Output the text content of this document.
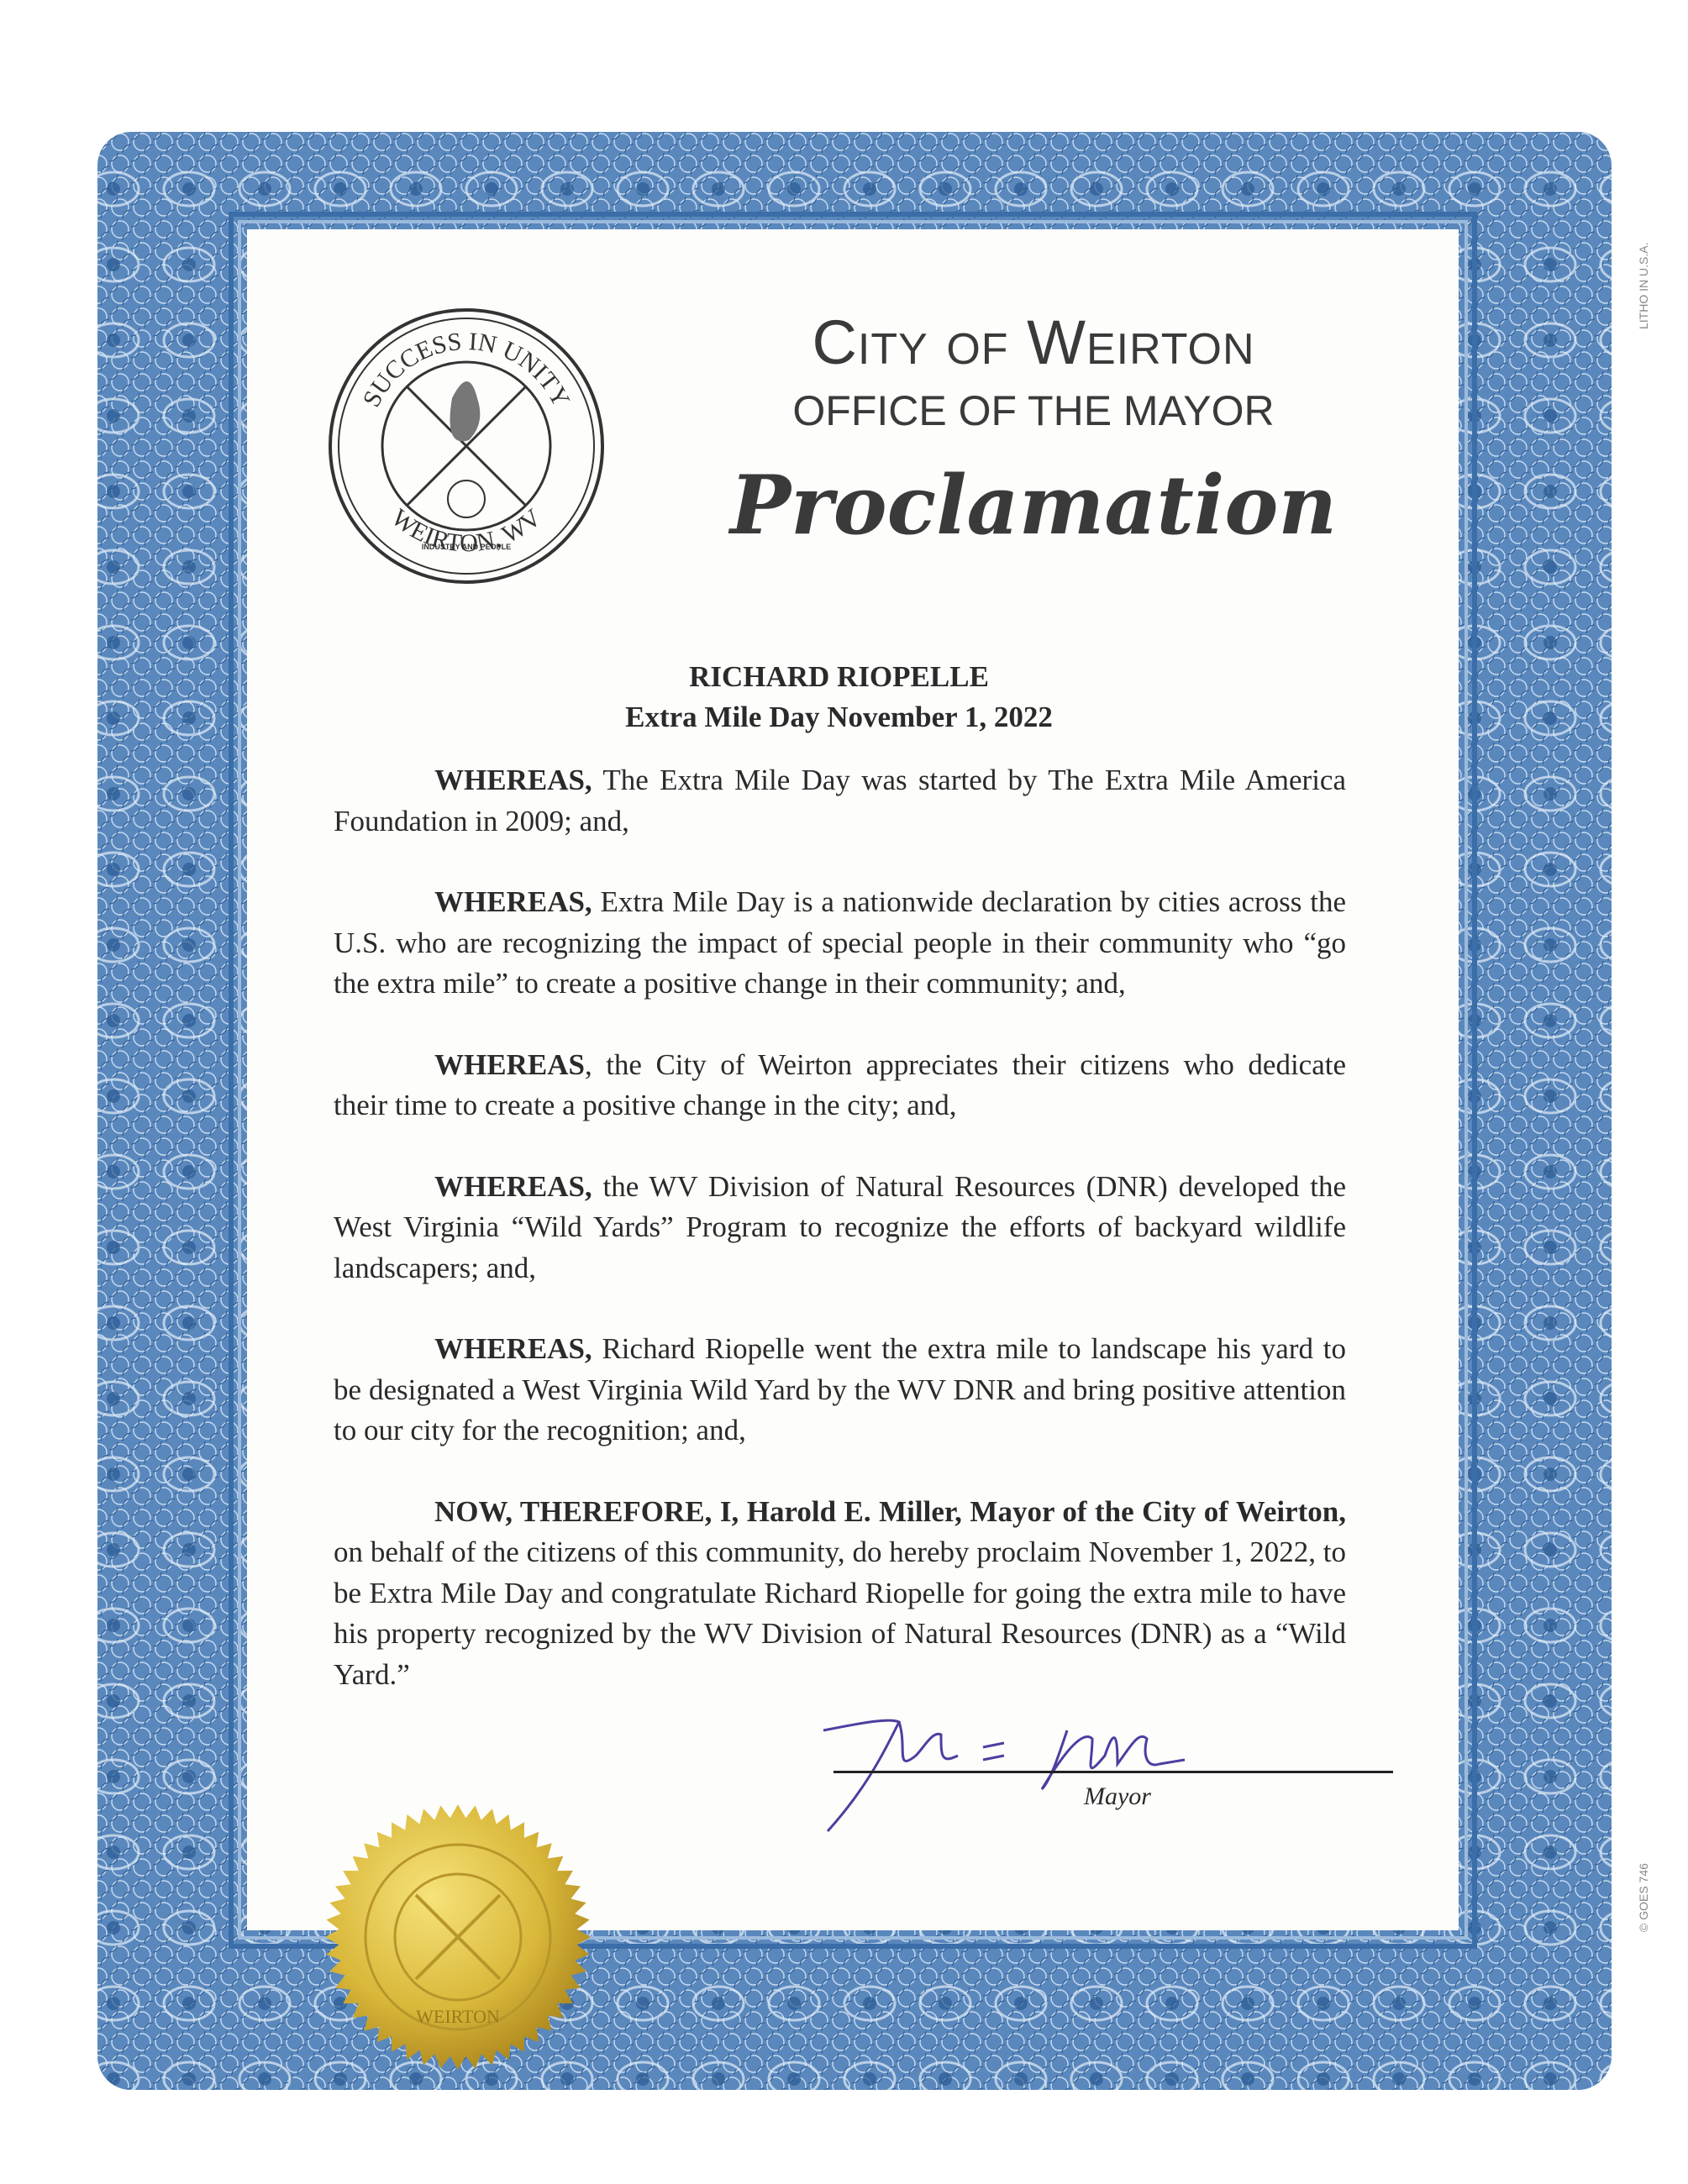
SUCCESS IN UNITY
WEIRTON, WV
INDUSTRY AND PEOPLE
City of Weirton
OFFICE OF THE MAYOR
Proclamation
RICHARD RIOPELLE
Extra Mile Day November 1, 2022

WHEREAS, The Extra Mile Day was started by The Extra Mile America Foundation in 2009; and,

WHEREAS, Extra Mile Day is a nationwide declaration by cities across the U.S. who are recognizing the impact of special people in their community who “go the extra mile” to create a positive change in their community; and,

WHEREAS, the City of Weirton appreciates their citizens who dedicate their time to create a positive change in the city; and,

WHEREAS, the WV Division of Natural Resources (DNR) developed the West Virginia “Wild Yards” Program to recognize the efforts of backyard wildlife landscapers; and,

WHEREAS, Richard Riopelle went the extra mile to landscape his yard to be designated a West Virginia Wild Yard by the WV DNR and bring positive attention to our city for the recognition; and,

NOW, THEREFORE, I, Harold E. Miller, Mayor of the City of Weirton, on behalf of the citizens of this community, do hereby proclaim November 1, 2022, to be Extra Mile Day and congratulate Richard Riopelle for going the extra mile to have his property recognized by the WV Division of Natural Resources (DNR) as a “Wild Yard.”

Mayor
WEIRTON
LITHO IN U.S.A.
© GOES 746
